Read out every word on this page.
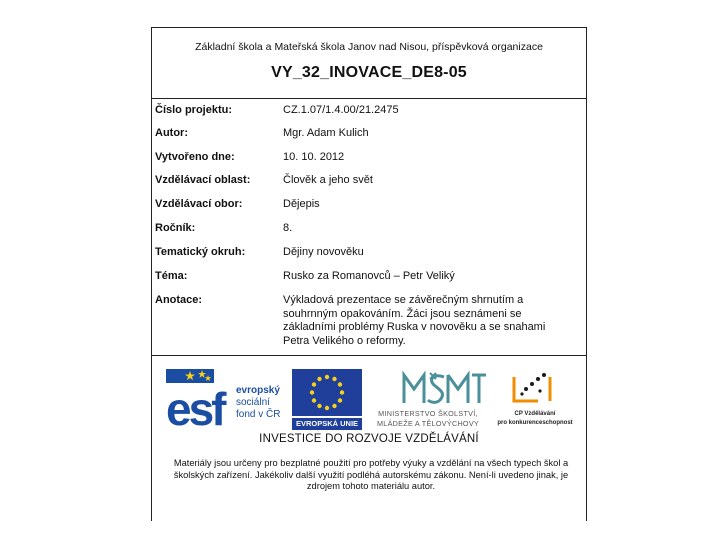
Základní škola a Mateřská škola Janov nad Nisou, příspěvková organizace
VY_32_INOVACE_DE8-05
Číslo projektu:	CZ.1.07/1.4.00/21.2475
Autor:	Mgr. Adam Kulich
Vytvořeno dne:	10. 10. 2012
Vzdělávací oblast:	Člověk a jeho svět
Vzdělávací obor:	Dějepis
Ročník:	8.
Tematický okruh:	Dějiny novověku
Téma:	Rusko za Romanovců – Petr Veliký
Anotace:	Výkladová prezentace se závěrečným shrnutím a souhrnným opakováním. Žáci jsou seznámeni se základními problémy Ruska v novověku a se snahami Petra Velikého o reformy.
esf	evropský
sociální
fond v ČR
EVROPSKÁ UNIE
MINISTERSTVO ŠKOLSTVÍ,
MLÁDEŽE A TĚLOVÝCHOVY
CP Vzdělávání
pro konkurenceschopnost
INVESTICE DO ROZVOJE VZDĚLÁVÁNÍ
Materiály jsou určeny pro bezplatné použití pro potřeby výuky a vzdělání na všech typech škol a školských zařízení. Jakékoliv další využití podléhá autorskému zákonu. Není-li uvedeno jinak, je zdrojem tohoto materiálu autor.
